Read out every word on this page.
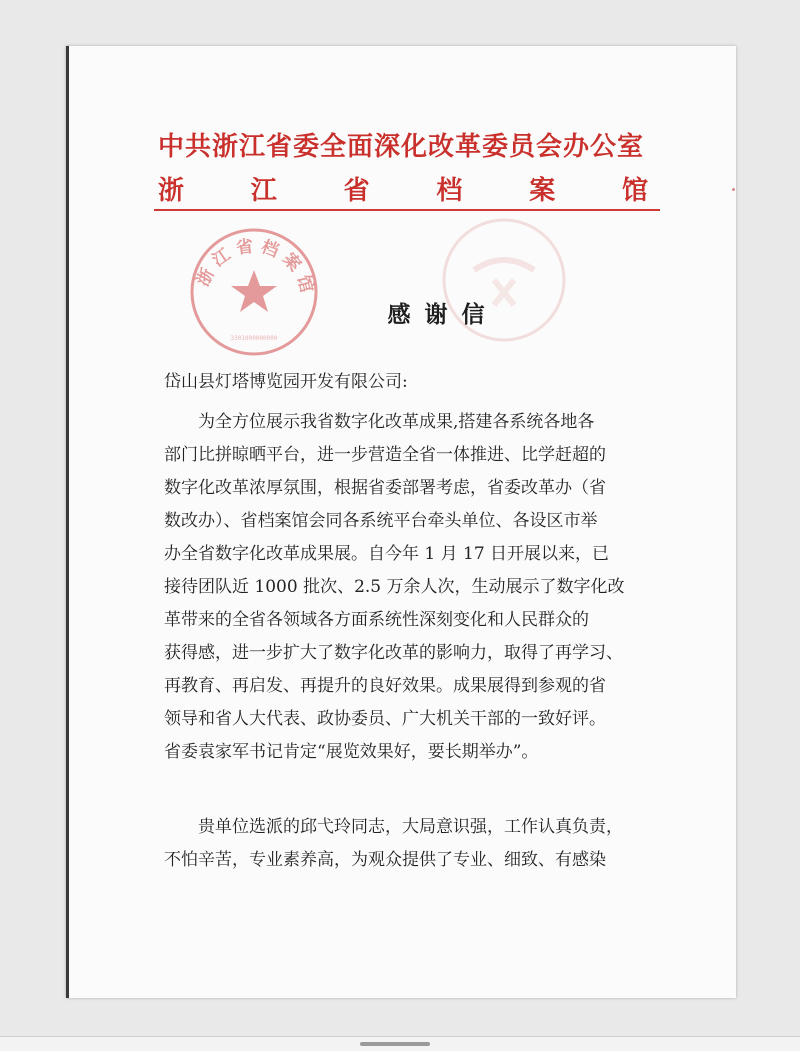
中共浙江省委全面深化改革委员会办公室
浙	江	省	档	案	馆
浙江省档案馆
3301000000000
感谢信
岱山县灯塔博览园开发有限公司:
为全方位展示我省数字化改革成果,搭建各系统各地各
部门比拼晾晒平台，进一步营造全省一体推进、比学赶超的
数字化改革浓厚氛围，根据省委部署考虑，省委改革办（省
数改办）、省档案馆会同各系统平台牵头单位、各设区市举
办全省数字化改革成果展。自今年 1 月 17 日开展以来，已
接待团队近 1000 批次、2.5 万余人次，生动展示了数字化改
革带来的全省各领域各方面系统性深刻变化和人民群众的
获得感，进一步扩大了数字化改革的影响力，取得了再学习、
再教育、再启发、再提升的良好效果。成果展得到参观的省
领导和省人大代表、政协委员、广大机关干部的一致好评。
省委袁家军书记肯定“展览效果好，要长期举办”。
贵单位选派的邱弋玲同志，大局意识强，工作认真负责，
不怕辛苦，专业素养高，为观众提供了专业、细致、有感染
